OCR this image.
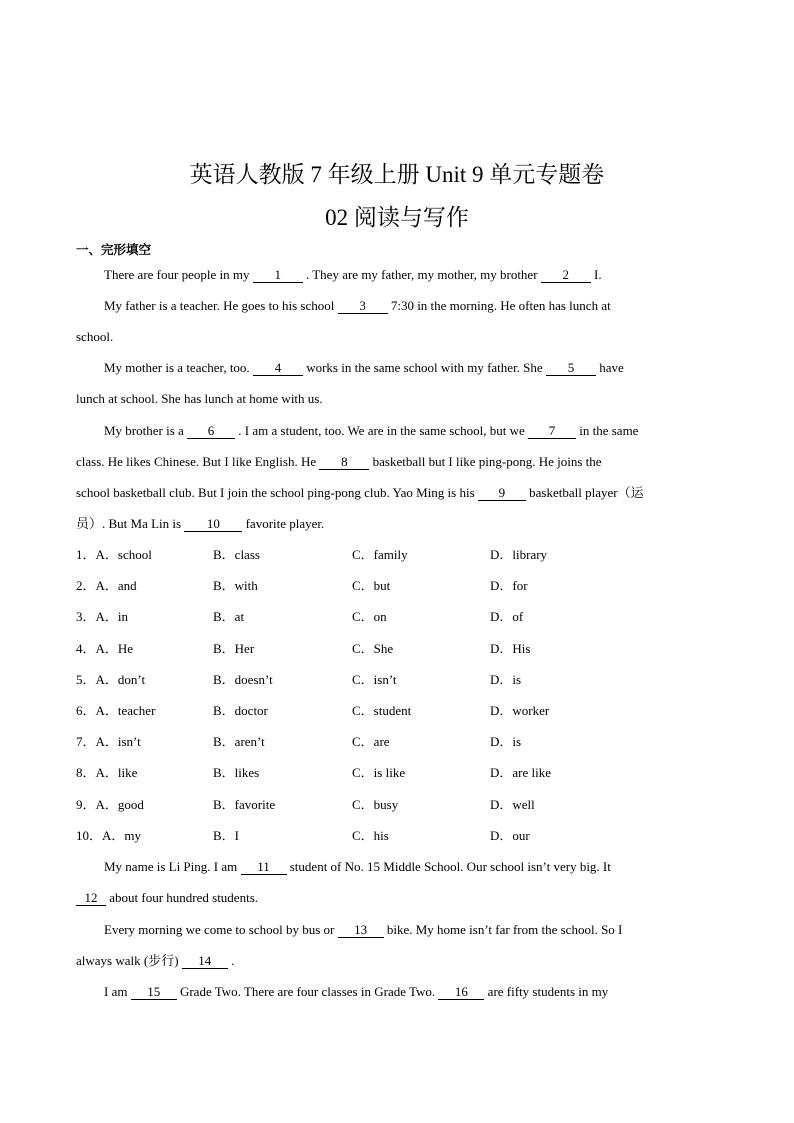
英语人教版 7 年级上册 Unit 9 单元专题卷
02 阅读与写作
一、完形填空
There are four people in my 1 . They are my father, my mother, my brother 2 I.
My father is a teacher. He goes to his school 3 7:30 in the morning. He often has lunch at
school.
My mother is a teacher, too. 4 works in the same school with my father. She 5 have
lunch at school. She has lunch at home with us.
My brother is a 6 . I am a student, too. We are in the same school, but we 7 in the same
class. He likes Chinese. But I like English. He 8 basketball but I like ping-pong. He joins the
school basketball club. But I join the school ping-pong club. Yao Ming is his 9 basketball player（运
员）. But Ma Lin is 10 favorite player.
1．A．school	B．class	C．family	D．library
2．A．and	B．with	C．but	D．for
3．A．in	B．at	C．on	D．of
4．A．He	B．Her	C．She	D．His
5．A．don’t	B．doesn’t	C．isn’t	D．is
6．A．teacher	B．doctor	C．student	D．worker
7．A．isn’t	B．aren’t	C．are	D．is
8．A．like	B．likes	C．is like	D．are like
9．A．good	B．favorite	C．busy	D．well
10．A．my	B．I	C．his	D．our
My name is Li Ping. I am 11 student of No. 15 Middle School. Our school isn’t very big. It
12 about four hundred students.
Every morning we come to school by bus or 13 bike. My home isn’t far from the school. So I
always walk (步行) 14 .
I am 15 Grade Two. There are four classes in Grade Two. 16 are fifty students in my
